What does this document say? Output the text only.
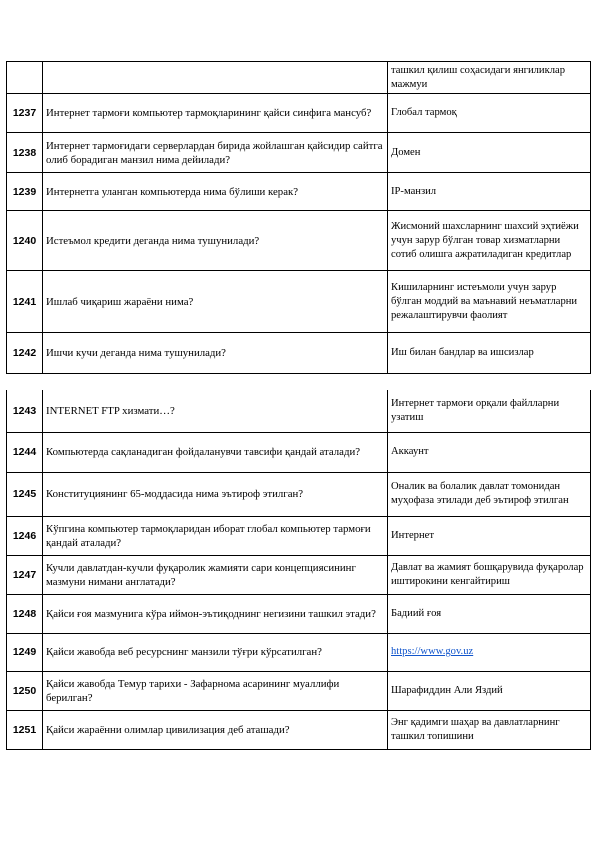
		ташкил қилиш соҳасидаги янгиликлар мажмуи
1237	Интернет тармоғи компьютер тармоқларининг қайси синфига мансуб?	Глобал тармоқ
1238	Интернет тармоғидаги серверлардан бирида жойлашган қайсидир сайтга олиб борадиган манзил нима дейилади?	Домен
1239	Интернетга уланган компьютерда нима бўлиши керак?	IP-манзил
1240	Истеъмол кредити деганда нима тушунилади?	Жисмоний шахсларнинг шахсий эҳтиёжи учун зарур бўлган товар хизматларни сотиб олишга ажратиладиган кредитлар
1241	Ишлаб чиқариш жараёни нима?	Кишиларнинг истеъмоли учун зарур бўлган моддий ва маънавий неъматларни режалаштирувчи фаолият
1242	Ишчи кучи деганда нима тушунилади?	Иш билан бандлар ва ишсизлар
1243	INTERNET FTP хизмати…?	Интернет тармоғи орқали файлларни узатиш
1244	Компьютерда сақланадиган фойдаланувчи тавсифи қандай аталади?	Аккаунт
1245	Конституциянинг 65-моддасида нима эътироф этилган?	Оналик ва болалик давлат томонидан муҳофаза этилади деб эътироф этилган
1246	Кўпгина компьютер тармоқларидан иборат глобал компьютер тармоғи қандай аталади?	Интернет
1247	Кучли давлатдан-кучли фуқаролик жамияти сари концепциясининг мазмуни нимани англатади?	Давлат ва жамият бошқарувида фуқаролар иштирокини кенгайтириш
1248	Қайси ғоя мазмунига кўра иймон-эътиқоднинг негизини ташкил этади?	Бадиий ғоя
1249	Қайси жавобда веб ресурснинг манзили тўғри кўрсатилган?	https://www.gov.uz
1250	Қайси жавобда Темур тарихи - Зафарнома асарининг муаллифи берилган?	Шарафиддин Али Яздий
1251	Қайси жараённи олимлар цивилизация деб аташади?	Энг қадимги шаҳар ва давлатларнинг ташкил топишини
